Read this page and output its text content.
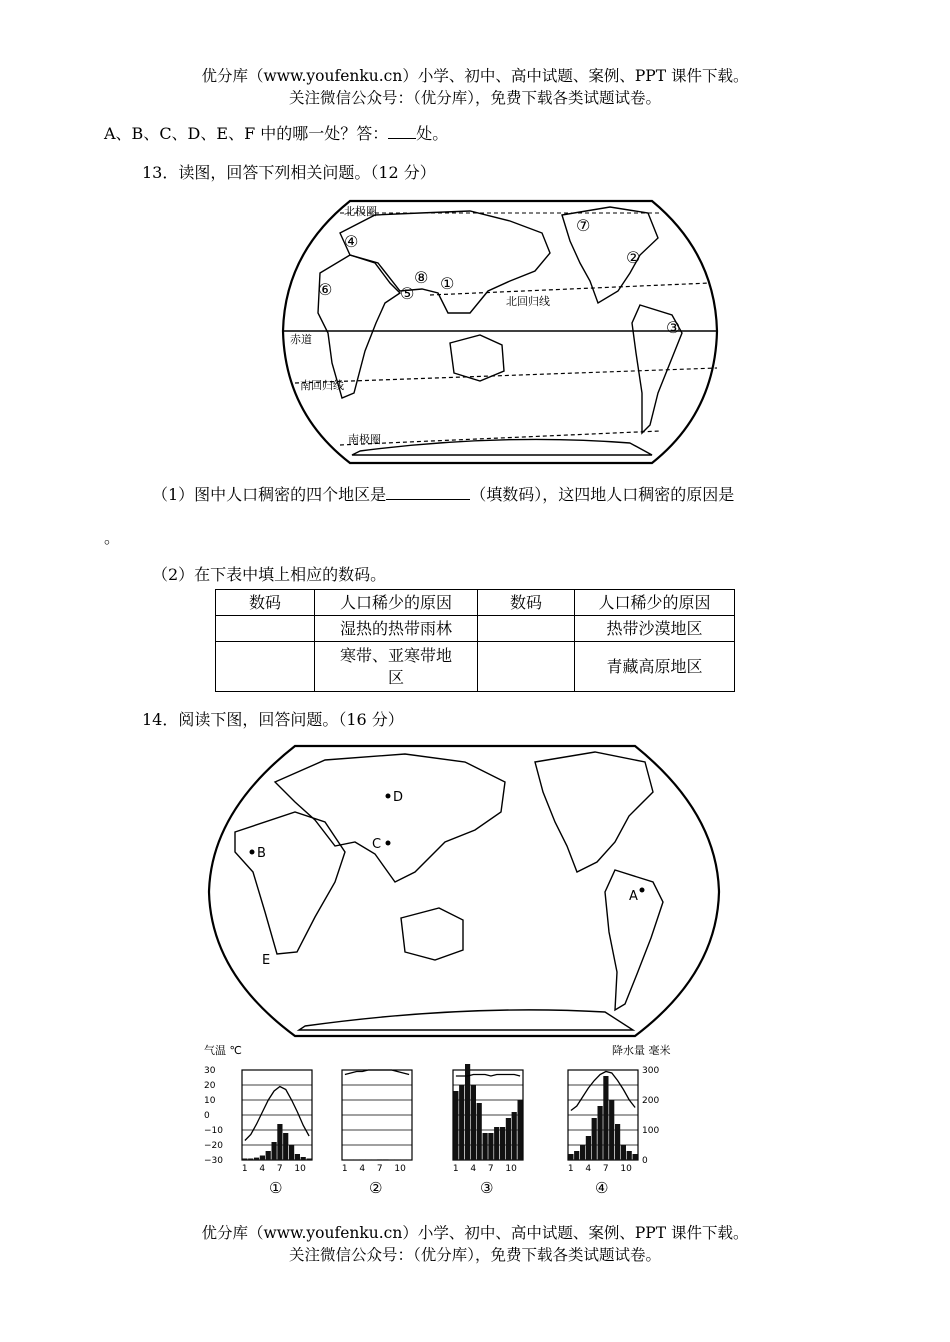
优分库（www.youfenku.cn）小学、初中、高中试题、案例、PPT 课件下载。
关注微信公众号：（优分库），免费下载各类试题试卷。
A、B、C、D、E、F 中的哪一处？答： 处。
13．读图，回答下列相关问题。（12 分）
北极圈
北回归线
赤道
南回归线
南极圈
①
②
③
④
⑤
⑥
⑦
⑧
（1）图中人口稠密的四个地区是	（填数码），这四地人口稠密的原因是
。
（2）在下表中填上相应的数码。
数码	人口稀少的原因	数码	人口稀少的原因
	湿热的热带雨林		热带沙漠地区
	寒带、亚寒带地
区		青藏高原地区
14．阅读下图，回答问题。（16 分）
A
B
C
D
E
气温 ℃	降水量 毫米
1 4 7 10
①
1 4 7 10
②
1 4 7 10
③
1 4 7 10
④
30
20
10
0
−10
−20
−30
300
200
100
0
优分库（www.youfenku.cn）小学、初中、高中试题、案例、PPT 课件下载。
关注微信公众号：（优分库），免费下载各类试题试卷。
